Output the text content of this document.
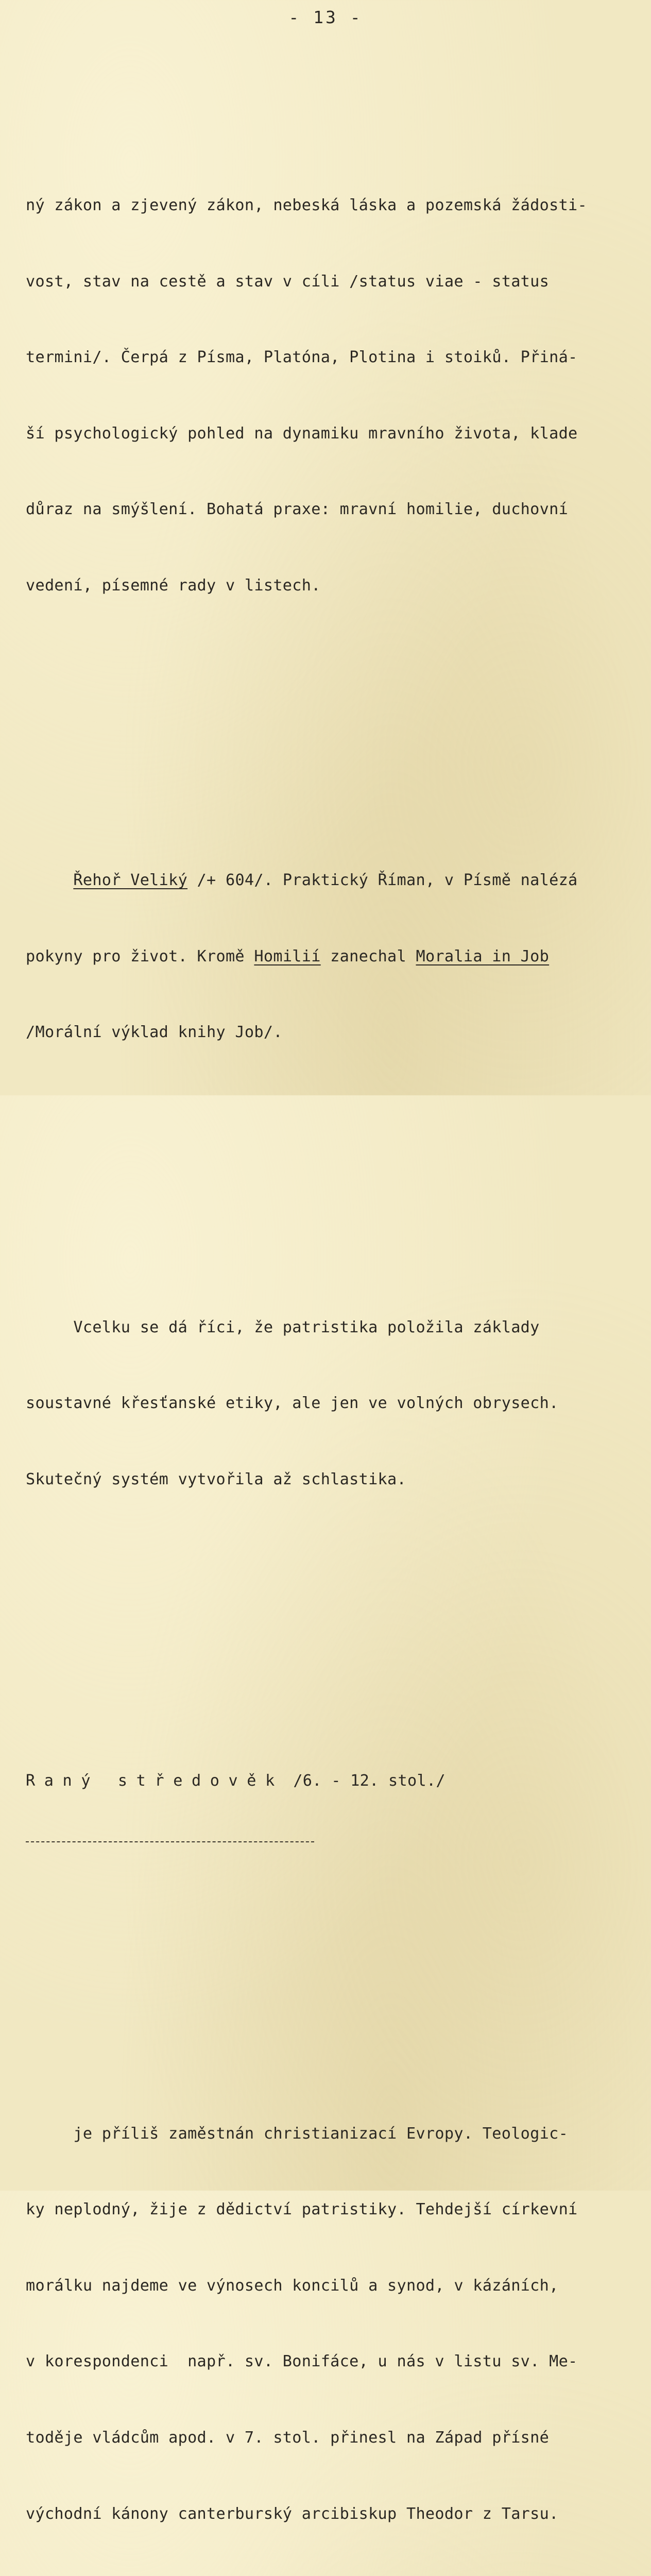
- 13 -

ný zákon a zjevený zákon, nebeská láska a pozemská žádosti-

vost, stav na cestě a stav v cíli /status viae - status

termini/. Čerpá z Písma, Platóna, Plotina i stoiků. Přiná-

ší psychologický pohled na dynamiku mravního života, klade

důraz na smýšlení. Bohatá praxe: mravní homilie, duchovní

vedení, písemné rady v listech.

Řehoř Veliký /+ 604/. Praktický Říman, v Písmě nalézá

pokyny pro život. Kromě Homilií zanechal Moralia in Job

/Morální výklad knihy Job/.

Vcelku se dá říci, že patristika položila základy

soustavné křesťanské etiky, ale jen ve volných obrysech.

Skutečný systém vytvořila až schlastika.

Raný středověk /6. - 12. stol./

je příliš zaměstnán christianizací Evropy. Teologic-

ky neplodný, žije z dědictví patristiky. Tehdejší církevní

morálku najdeme ve výnosech koncilů a synod, v kázáních,

v korespondenci  např. sv. Bonifáce, u nás v listu sv. Me-

toděje vládcům apod. v 7. stol. přinesl na Západ přísné

východní kánony canterburský arcibiskup Theodor z Tarsu.
